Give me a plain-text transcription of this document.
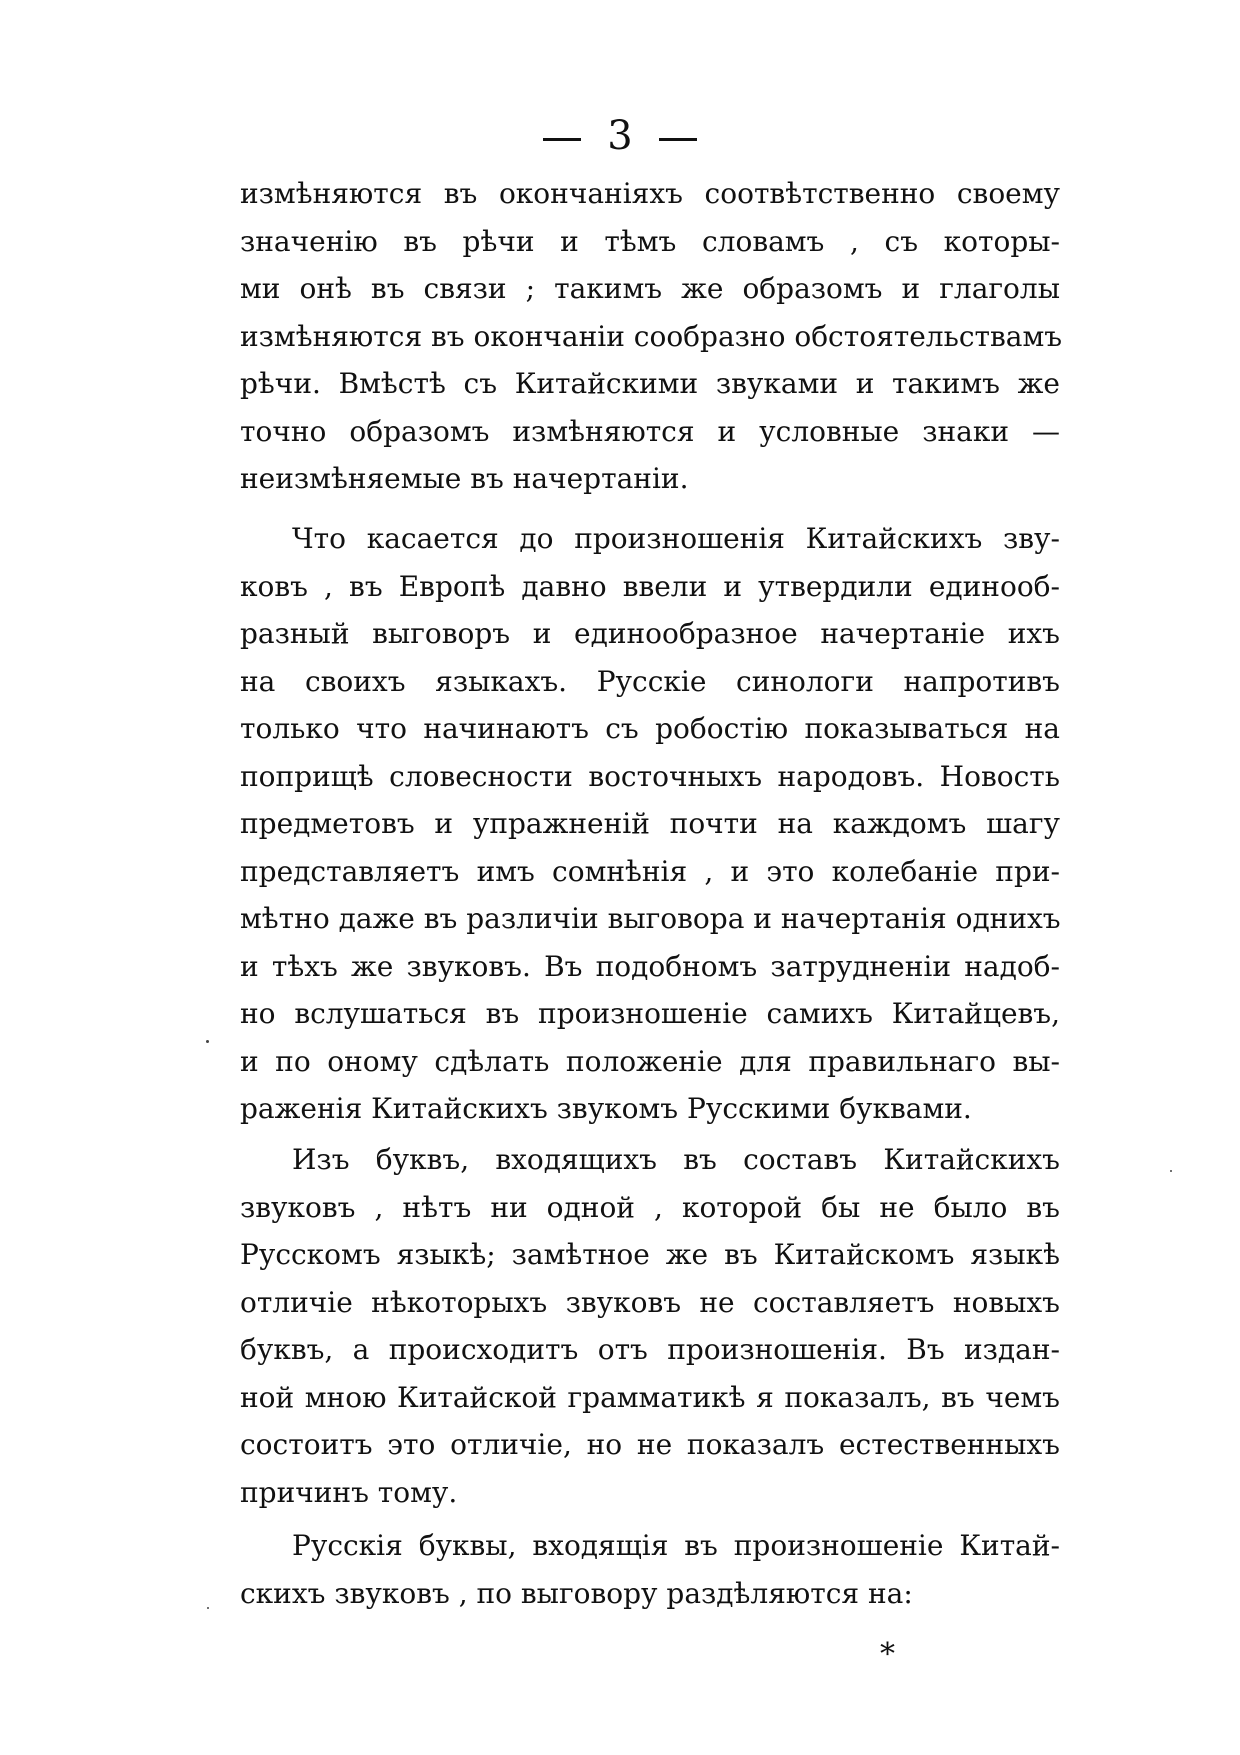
3
измѣняются въ окончаніяхъ соотвѣтственно своему
значенію въ рѣчи и тѣмъ словамъ , съ которы-
ми онѣ въ связи ; такимъ же образомъ и глаголы
измѣняются въ окончаніи сообразно обстоятельствамъ
рѣчи. Вмѣстѣ съ Китайскими звуками и такимъ же
точно образомъ измѣняются и условные знаки —
неизмѣняемые въ начертаніи.
Что касается до произношенія Китайскихъ зву-
ковъ , въ Европѣ давно ввели и утвердили единооб-
разный выговоръ и единообразное начертаніе ихъ
на своихъ языкахъ. Русскіе синологи напротивъ
только что начинаютъ съ робостію показываться на
поприщѣ словесности восточныхъ народовъ. Новость
предметовъ и упражненій почти на каждомъ шагу
представляетъ имъ сомнѣнія , и это колебаніе при-
мѣтно даже въ различіи выговора и начертанія однихъ
и тѣхъ же звуковъ. Въ подобномъ затрудненіи надоб-
но вслушаться въ произношеніе самихъ Китайцевъ,
и по оному сдѣлать положеніе для правильнаго вы-
раженія Китайскихъ звукомъ Русскими буквами.
Изъ буквъ, входящихъ въ составъ Китайскихъ
звуковъ , нѣтъ ни одной , которой бы не было въ
Русскомъ языкѣ; замѣтное же въ Китайскомъ языкѣ
отличіе нѣкоторыхъ звуковъ не составляетъ новыхъ
буквъ, а происходитъ отъ произношенія. Въ издан-
ной мною Китайской грамматикѣ я показалъ, въ чемъ
состоитъ это отличіе, но не показалъ естественныхъ
причинъ тому.
Русскія буквы, входящія въ произношеніе Китай-
скихъ звуковъ , по выговору раздѣляются на:
*
